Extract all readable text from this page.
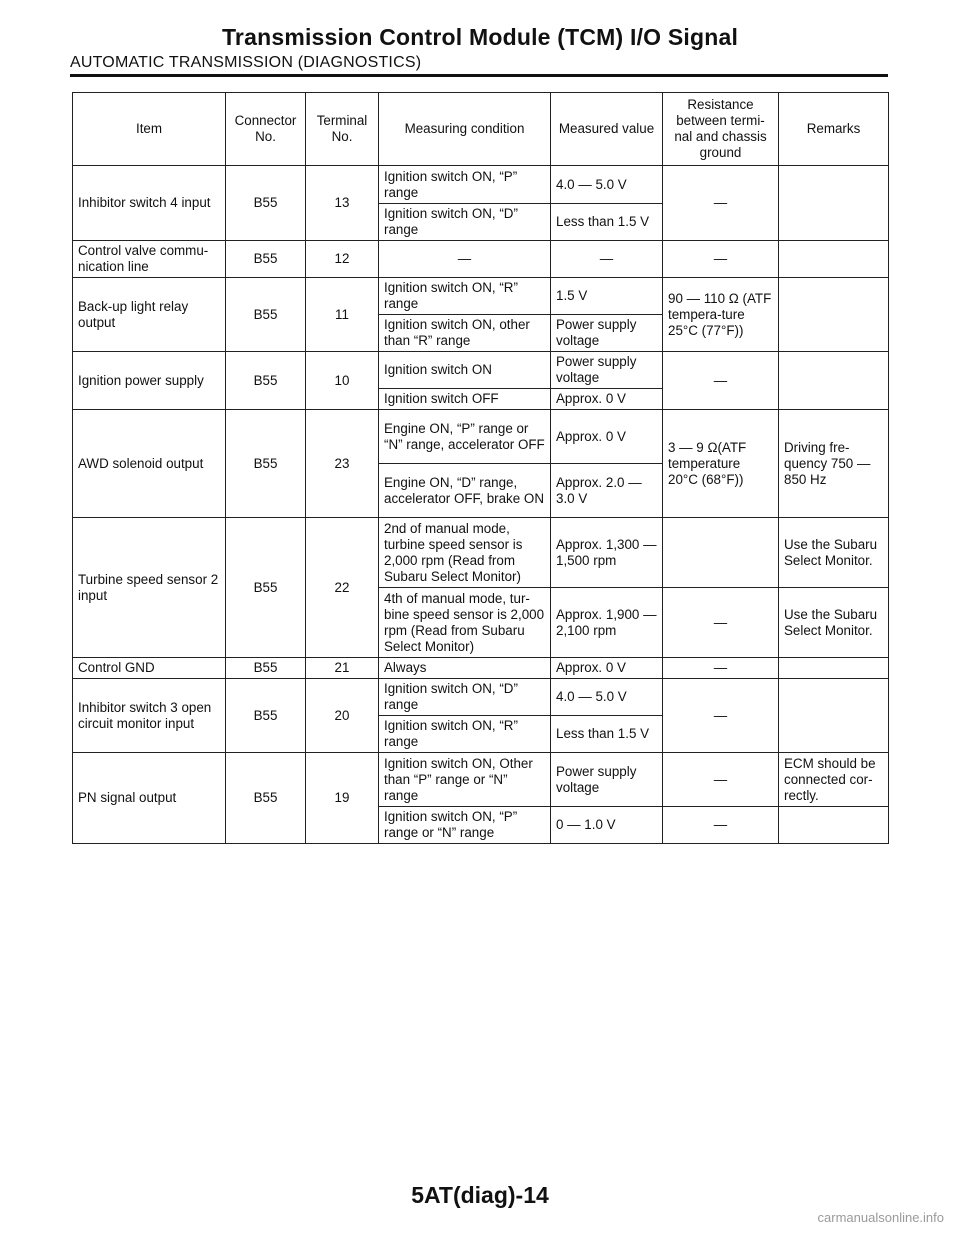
Transmission Control Module (TCM) I/O Signal
AUTOMATIC TRANSMISSION (DIAGNOSTICS)
Item	Connector No.	Terminal No.	Measuring condition	Measured value	Resistance between termi-nal and chassis ground	Remarks
Inhibitor switch 4 input	B55	13	Ignition switch ON, “P” range	4.0 — 5.0 V	—	
			Ignition switch ON, “D” range	Less than 1.5 V		
Control valve commu-nication line	B55	12	—	—	—	
Back-up light relay output	B55	11	Ignition switch ON, “R” range	1.5 V	90 — 110 Ω (ATF tempera-ture 25°C (77°F))	
			Ignition switch ON, other than “R” range	Power supply voltage		
Ignition power supply	B55	10	Ignition switch ON	Power supply voltage	—	
			Ignition switch OFF	Approx. 0 V		
AWD solenoid output	B55	23	Engine ON, “P” range or “N” range, accelerator OFF	Approx. 0 V	3 — 9 Ω(ATF temperature 20°C (68°F))	Driving fre-quency 750 — 850 Hz
			Engine ON, “D” range, accelerator OFF, brake ON	Approx. 2.0 — 3.0 V		
Turbine speed sensor 2 input	B55	22	2nd of manual mode, turbine speed sensor is 2,000 rpm (Read from Subaru Select Monitor)	Approx. 1,300 — 1,500 rpm		Use the Subaru Select Monitor.
			4th of manual mode, tur-bine speed sensor is 2,000 rpm (Read from Subaru Select Monitor)	Approx. 1,900 — 2,100 rpm	—	Use the Subaru Select Monitor.
Control GND	B55	21	Always	Approx. 0 V	—	
Inhibitor switch 3 open circuit monitor input	B55	20	Ignition switch ON, “D” range	4.0 — 5.0 V	—	
			Ignition switch ON, “R” range	Less than 1.5 V		
PN signal output	B55	19	Ignition switch ON, Other than “P” range or “N” range	Power supply voltage	—	ECM should be connected cor-rectly.
			Ignition switch ON, “P” range or “N” range	0 — 1.0 V	—	
5AT(diag)-14
carmanualsonline.info
